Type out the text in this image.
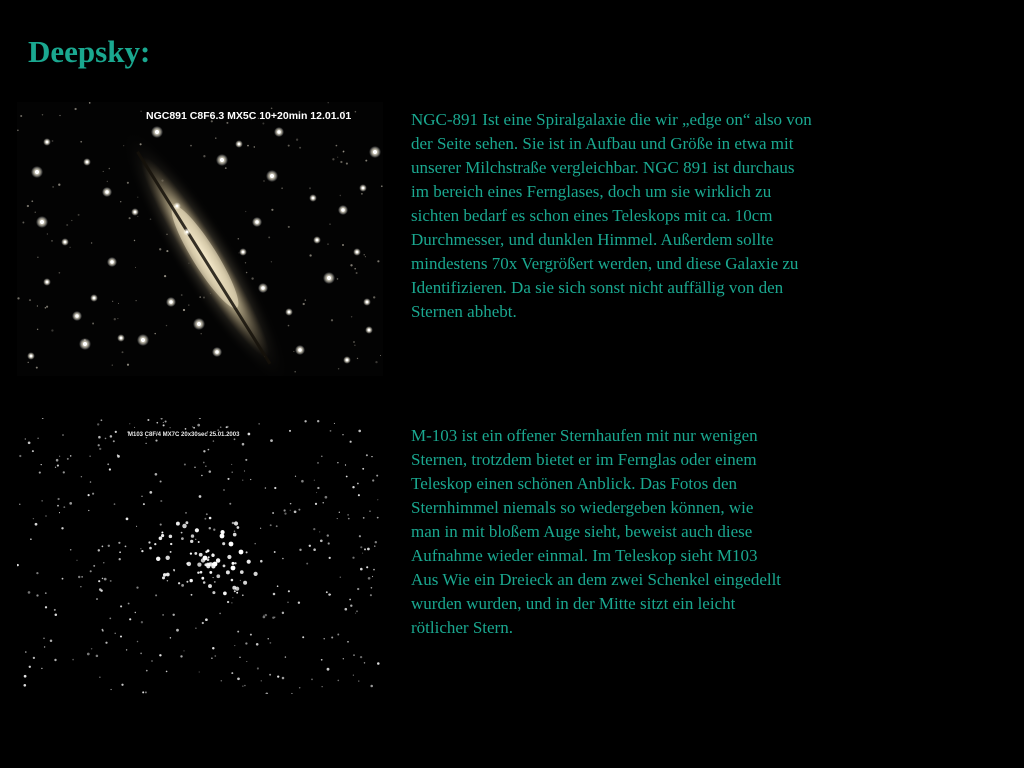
Deepsky:
NGC891 C8F6.3 MX5C 10+20min 12.01.01	NGC-891 Ist eine Spiralgalaxie die wir „edge on“ also von
der Seite sehen. Sie ist in Aufbau und Größe in etwa mit
unserer Milchstraße vergleichbar. NGC 891 ist durchaus
im bereich eines Fernglases, doch um sie wirklich zu
sichten bedarf es schon eines Teleskops mit ca. 10cm
Durchmesser, und dunklen Himmel. Außerdem sollte
mindestens 70x Vergrößert werden, und diese Galaxie zu
Identifizieren. Da sie sich sonst nicht auffällig von den
Sternen abhebt.

M103 C8F/4 MX7C 20x30sec 25.01.2003	M-103 ist ein offener Sternhaufen mit nur wenigen
Sternen, trotzdem bietet er im Fernglas oder einem
Teleskop einen schönen Anblick. Das Fotos den
Sternhimmel niemals so wiedergeben können, wie
man in mit bloßem Auge sieht, beweist auch diese
Aufnahme wieder einmal. Im Teleskop sieht M103
Aus Wie ein Dreieck an dem zwei Schenkel eingedellt
wurden wurden, und in der Mitte sitzt ein leicht
rötlicher Stern.
